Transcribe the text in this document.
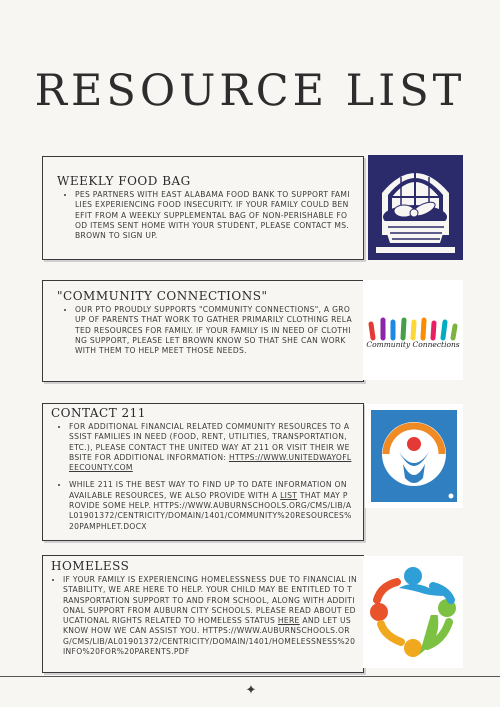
RESOURCE LIST
WEEKLY FOOD BAG
• PES PARTNERS WITH EAST ALABAMA FOOD BANK TO SUPPORT FAMILIES EXPERIENCING FOOD INSECURITY. IF YOUR FAMILY COULD BENEFIT FROM A WEEKLY SUPPLEMENTAL BAG OF NON-PERISHABLE FOOD ITEMS SENT HOME WITH YOUR STUDENT, PLEASE CONTACT MS. BROWN TO SIGN UP.
"COMMUNITY CONNECTIONS"
• OUR PTO PROUDLY SUPPORTS "COMMUNITY CONNECTIONS", A GROUP OF PARENTS THAT WORK TO GATHER PRIMARILY CLOTHING RELATED RESOURCES FOR FAMILY. IF YOUR FAMILY IS IN NEED OF CLOTHING SUPPORT, PLEASE LET BROWN KNOW SO THAT SHE CAN WORK WITH THEM TO HELP MEET THOSE NEEDS.
Community Connections
CONTACT 211
• FOR ADDITIONAL FINANCIAL RELATED COMMUNITY RESOURCES TO ASSIST FAMILIES IN NEED (FOOD, RENT, UTILITIES, TRANSPORTATION, ETC.), PLEASE CONTACT THE UNITED WAY AT 211 OR VISIT THEIR WEBSITE FOR ADDITIONAL INFORMATION: HTTPS://WWW.UNITEDWAYOFLEECOUNTY.COM
• WHILE 211 IS THE BEST WAY TO FIND UP TO DATE INFORMATION ON AVAILABLE RESOURCES, WE ALSO PROVIDE WITH A LIST THAT MAY PROVIDE SOME HELP. HTTPS://WWW.AUBURNSCHOOLS.ORG/CMS/LIB/AL01901372/CENTRICITY/DOMAIN/1401/COMMUNITY%20RESOURCES%20PAMPHLET.DOCX
HOMELESS
• IF YOUR FAMILY IS EXPERIENCING HOMELESSNESS DUE TO FINANCIAL INSTABILITY, WE ARE HERE TO HELP. YOUR CHILD MAY BE ENTITLED TO TRANSPORTATION SUPPORT TO AND FROM SCHOOL, ALONG WITH ADDITIONAL SUPPORT FROM AUBURN CITY SCHOOLS. PLEASE READ ABOUT EDUCATIONAL RIGHTS RELATED TO HOMELESS STATUS HERE AND LET US KNOW HOW WE CAN ASSIST YOU. HTTPS://WWW.AUBURNSCHOOLS.ORG/CMS/LIB/AL01901372/CENTRICITY/DOMAIN/1401/HOMELESSNESS%20INFO%20FOR%20PARENTS.PDF
✦
